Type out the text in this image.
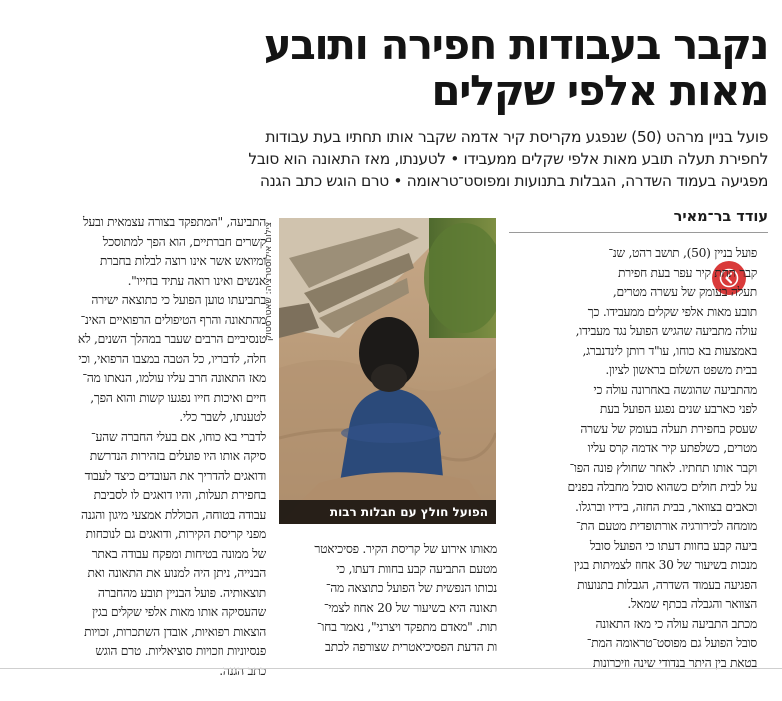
נקבר בעבודות חפירה ותובע
מאות אלפי שקלים
פועל בניין מרהט (50) שנפגע מקריסת קיר אדמה שקבר אותו תחתיו בעת עבודות
לחפירת תעלה תובע מאות אלפי שקלים ממעבידו • לטענתו, מאז התאונה הוא סובל
מפגיעה בעמוד השדרה, הגבלות בתנועות ומפוסט־טראומה • טרם הוגש כתב הגנה
עודד בר־מאיר
פועל בניין (50), תושב רהט, שנ־
קבר תחת קיר עפר בעת חפירת
תעלה בעומק של עשרה מטרים,
תובע מאות אלפי שקלים ממעבידו. כך
עולה מתביעה שהגיש הפועל נגד מעבידו,
באמצעות בא כוחו, עו"ד רותן לינדנברג,
בבית משפט השלום בראשון לציון.
מהתביעה שהוגשה באחרונה עולה כי
לפני כארבע שנים נפגע הפועל בעת
שעסק בחפירת תעלה בעומק של עשרה
מטרים, כשלפתע קיר אדמה קרס עליו
וקבר אותו תחתיו. לאחר שחולץ פונה הפו־
על לבית חולים כשהוא סובל מחבלה בפנים
וכאבים בצוואר, בבית החזה, בידיו וברגלו.
מומחה לכירורגיה אורתופדית מטעם הת־
ביעה קבע בחוות דעתו כי הפועל סובל
מנכות בשיעור של 30 אחוז לצמיתות בגין
הפגיעה בעמוד השדרה, הגבלות בתנועות
הצוואר והגבלה בכתף שמאל.
מכתב התביעה עולה כי מאז התאונה
סובל הפועל גם מפוסט־טראומה המת־
בטאת בין היתר בנדודי שינה וזיכרונות
התביעה, "המתפקד בצורה עצמאית ובעל
קשרים חברתיים, הוא הפך למתוסכל
ומיואש אשר אינו רוצה לבלות בחברת
אנשים ואינו רואה עתיד בחייו".
בתביעתו טוען הפועל כי כתוצאה ישירה
מהתאונה והרף הטיפולים הרפואיים האינ־
טנסיביים הרבים שעבר במהלך השנים, לא
חלה, לדבריו, כל הטבה במצבו הרפואי, וכי
מאז התאונה חרב עליו עולמו, הנאתו מה־
חיים ואיכות חייו נפגעו קשות והוא הפך,
לטענתו, לשבר כלי.
לדברי בא כוחו, אם בעלי החברה שהע־
סיקה אותו היו פועלים בזהירות הנדרשת
ודואגים להדריך את העובדים כיצד לעבוד
בחפירת תעלות, והיו דואגים לו לסביבת
עבודה בטוחה, הכוללת אמצעי מיגון והגנה
מפני קריסת הקירות, ודואגים גם לנוכחות
של ממונה בטיחות ומפקח עבודה באתר
הבנייה, ניתן היה למנוע את התאונה ואת
תוצאותיה. פועל הבניין תובע מהחברה
שהעסיקה אותו מאות אלפי שקלים בגין
הוצאות רפואיות, אובדן השתכרות, זכויות
פנסיוניות וזכויות סוציאליות. טרם הוגש
כתב הגנה.
מאותו אירוע של קריסת הקיר. פסיכיאטר
מטעם התביעה קבע בחוות דעתו, כי
נכותו הנפשית של הפועל כתוצאה מה־
תאונה היא בשיעור של 20 אחוז לצמי־
תות. "מאדם מתפקד ויצרני", נאמר בחו־
ות הדעת הפסיכיאטרית שצורפה לכתב
הפועל חולץ עם חבלות רבות
צילום אילוסטרציה: שאטרסטוק
